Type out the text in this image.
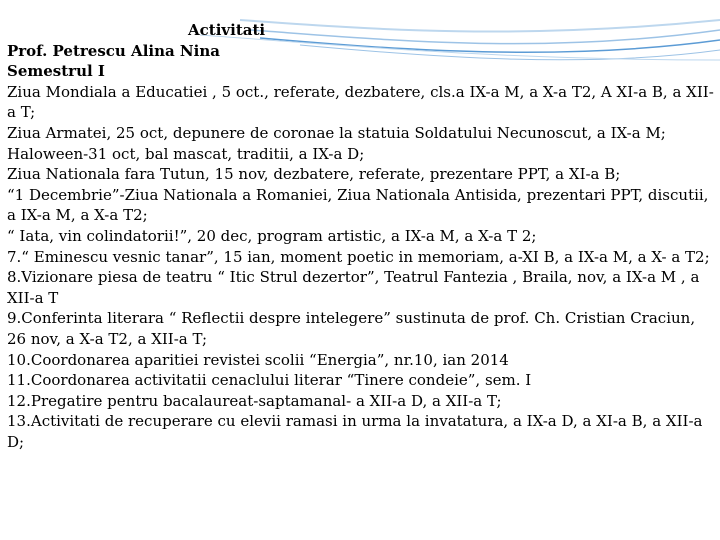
Activitati
Prof. Petrescu Alina Nina
Semestrul I
Ziua Mondiala a Educatiei , 5 oct., referate, dezbatere, cls.a IX-a M, a X-a T2, A XI-a B, a XII-a T;
Ziua Armatei, 25 oct, depunere de coronae la statuia Soldatului Necunoscut, a IX-a M;
Haloween-31 oct, bal mascat, traditii, a IX-a D;
Ziua Nationala fara Tutun, 15 nov, dezbatere, referate, prezentare PPT, a XI-a B;
“1 Decembrie”-Ziua Nationala a Romaniei, Ziua Nationala Antisida, prezentari PPT, discutii, a IX-a M, a X-a T2;
“ Iata, vin colindatorii!”, 20 dec, program artistic, a IX-a M, a X-a T 2;
7.“ Eminescu vesnic tanar”, 15 ian, moment poetic in memoriam, a-XI B, a IX-a M, a X- a T2;
8.Vizionare piesa de teatru “ Itic Strul dezertor”, Teatrul Fantezia , Braila, nov, a IX-a M , a XII-a T
9.Conferinta literara “ Reflectii despre intelegere” sustinuta de prof. Ch. Cristian Craciun, 26 nov, a X-a T2, a XII-a T;
10.Coordonarea aparitiei revistei scolii “Energia”, nr.10, ian 2014
11.Coordonarea activitatii cenaclului literar “Tinere condeie”, sem. I
12.Pregatire pentru bacalaureat-saptamanal- a XII-a D, a XII-a T;
13.Activitati de recuperare cu elevii ramasi in urma la invatatura, a IX-a D, a XI-a B, a XII-a D;
